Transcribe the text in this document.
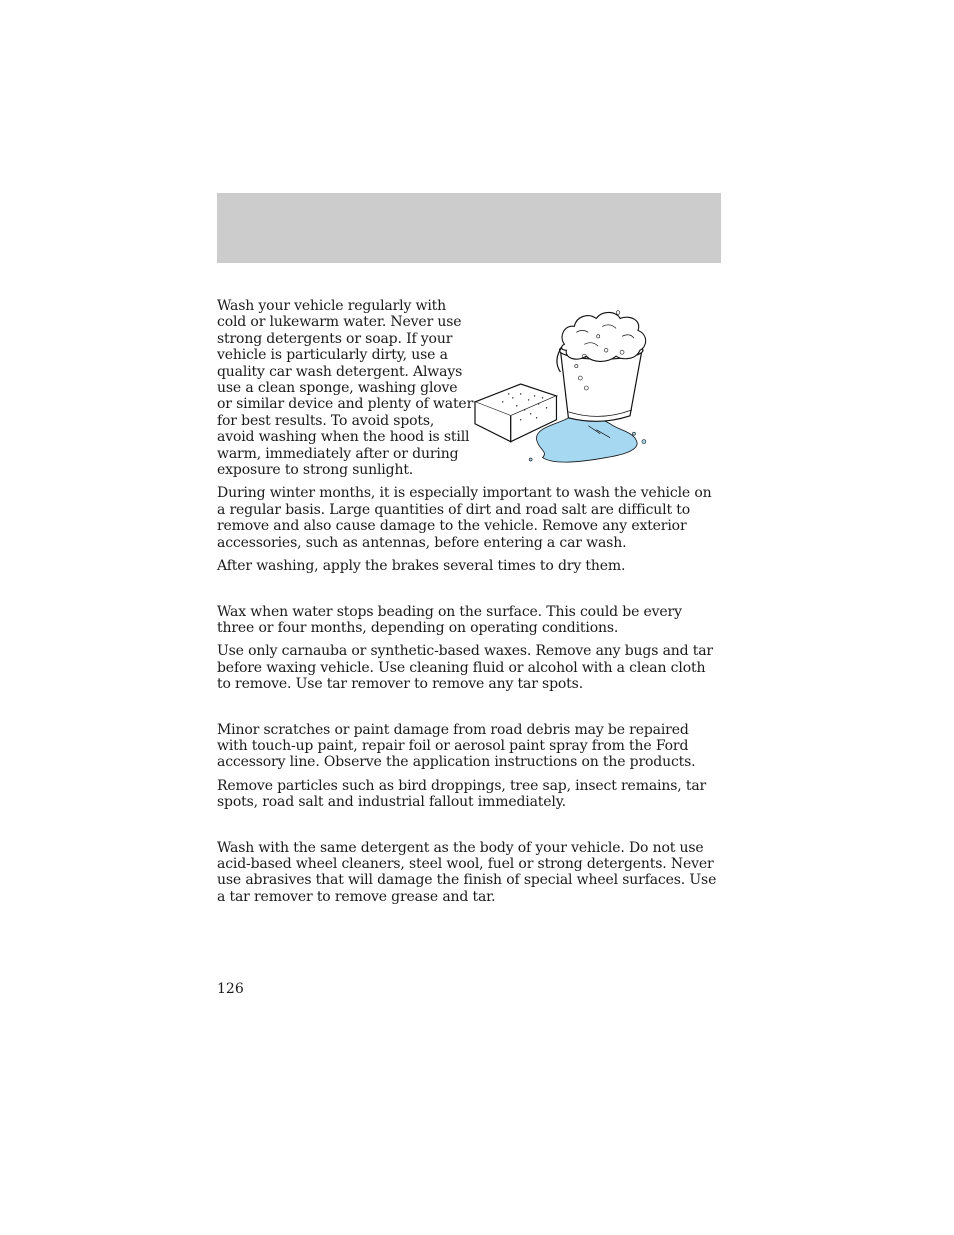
Wash your vehicle regularly with cold or lukewarm water. Never use strong detergents or soap. If your vehicle is particularly dirty, use a quality car wash detergent. Always use a clean sponge, washing glove or similar device and plenty of water for best results. To avoid spots, avoid washing when the hood is still warm, immediately after or during exposure to strong sunlight.

During winter months, it is especially important to wash the vehicle on a regular basis. Large quantities of dirt and road salt are difficult to remove and also cause damage to the vehicle. Remove any exterior accessories, such as antennas, before entering a car wash.

After washing, apply the brakes several times to dry them.

Wax when water stops beading on the surface. This could be every three or four months, depending on operating conditions.

Use only carnauba or synthetic-based waxes. Remove any bugs and tar before waxing vehicle. Use cleaning fluid or alcohol with a clean cloth to remove. Use tar remover to remove any tar spots.

Minor scratches or paint damage from road debris may be repaired with touch-up paint, repair foil or aerosol paint spray from the Ford accessory line. Observe the application instructions on the products.

Remove particles such as bird droppings, tree sap, insect remains, tar spots, road salt and industrial fallout immediately.

Wash with the same detergent as the body of your vehicle. Do not use acid-based wheel cleaners, steel wool, fuel or strong detergents. Never use abrasives that will damage the finish of special wheel surfaces. Use a tar remover to remove grease and tar.

126
